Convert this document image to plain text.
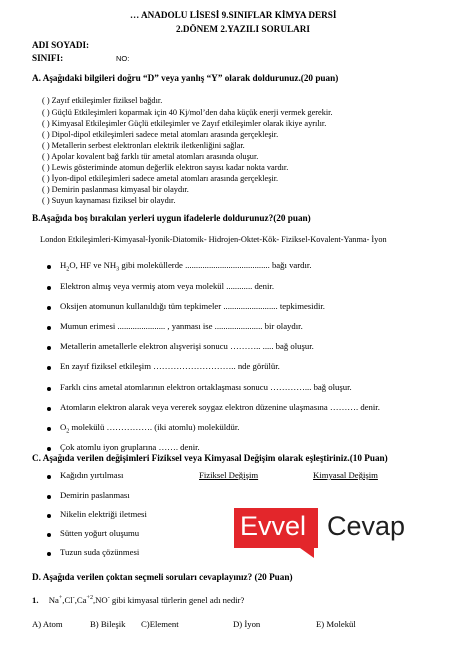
… ANADOLU LİSESİ 9.SINIFLAR KİMYA DERSİ
2.DÖNEM 2.YAZILI SORULARI
ADI SOYADI:
SINIFI:	NO:
A. Aşağıdaki bilgileri doğru “D” veya yanlış “Y” olarak doldurunuz.(20 puan)
( ) Zayıf etkileşimler fiziksel bağdır.
( ) Güçlü Etkileşimleri koparmak için 40 Kj/mol’den daha küçük enerji vermek gerekir.
( ) Kimyasal Etkileşimler Güçlü etkileşimler ve Zayıf etkileşimler olarak ikiye ayrılır.
( ) Dipol-dipol etkileşimleri sadece metal atomları arasında gerçekleşir.
( ) Metallerin serbest elektronları elektrik iletkenliğini sağlar.
( ) Apolar kovalent bağ farklı tür ametal atomları arasında oluşur.
( ) Lewis gösteriminde atomun değerlik elektron sayısı kadar nokta vardır.
( ) İyon-dipol etkileşimleri sadece ametal atomları arasında gerçekleşir.
( ) Demirin paslanması kimyasal bir olaydır.
( ) Suyun kaynaması fiziksel bir olaydır.
B.Aşağıda boş bırakılan yerleri uygun ifadelerle doldurunuz?(20 puan)
London Etkileşimleri-Kimyasal-İyonik-Diatomik- Hidrojen-Oktet-Kök- Fiziksel-Kovalent-Yanma- İyon
$H_2O$, HF ve $NH_3$ gibi moleküllerde ....................................... bağı vardır.
Elektron almış veya vermiş atom veya molekül ............ denir.
Oksijen atomunun kullanıldığı tüm tepkimeler ......................... tepkimesidir.
Mumun erimesi ...................... , yanması ise ...................... bir olaydır.
Metallerin ametallerle elektron alışverişi sonucu ……….. ..... bağ oluşur.
En zayıf fiziksel etkileşim ……………………….. nde görülür.
Farklı cins ametal atomlarının elektron ortaklaşması sonucu …………... bağ oluşur.
Atomların elektron alarak veya vererek soygaz elektron düzenine ulaşmasına ………. denir.
$O_2$ molekülü ……………. (iki atomlu) moleküldür.
Çok atomlu iyon gruplarına ……. denir.
C. Aşağıda verilen değişimleri Fiziksel veya Kimyasal Değişim olarak eşleştiriniz.(10 Puan)
Kağıdın yırtılması	Fiziksel Değişim	Kimyasal Değişim
Demirin paslanması
Nikelin elektriği iletmesi
Sütten yoğurt oluşumu
Tuzun suda çözünmesi
Evvel Cevap
D. Aşağıda verilen çoktan seçmeli soruları cevaplayınız? (20 Puan)
1. $Na^+,Cl^-,Ca^{+2},NO^-$ gibi kimyasal türlerin genel adı nedir?
A) Atom	B) Bileşik C)Element	D) İyon	E) Molekül
